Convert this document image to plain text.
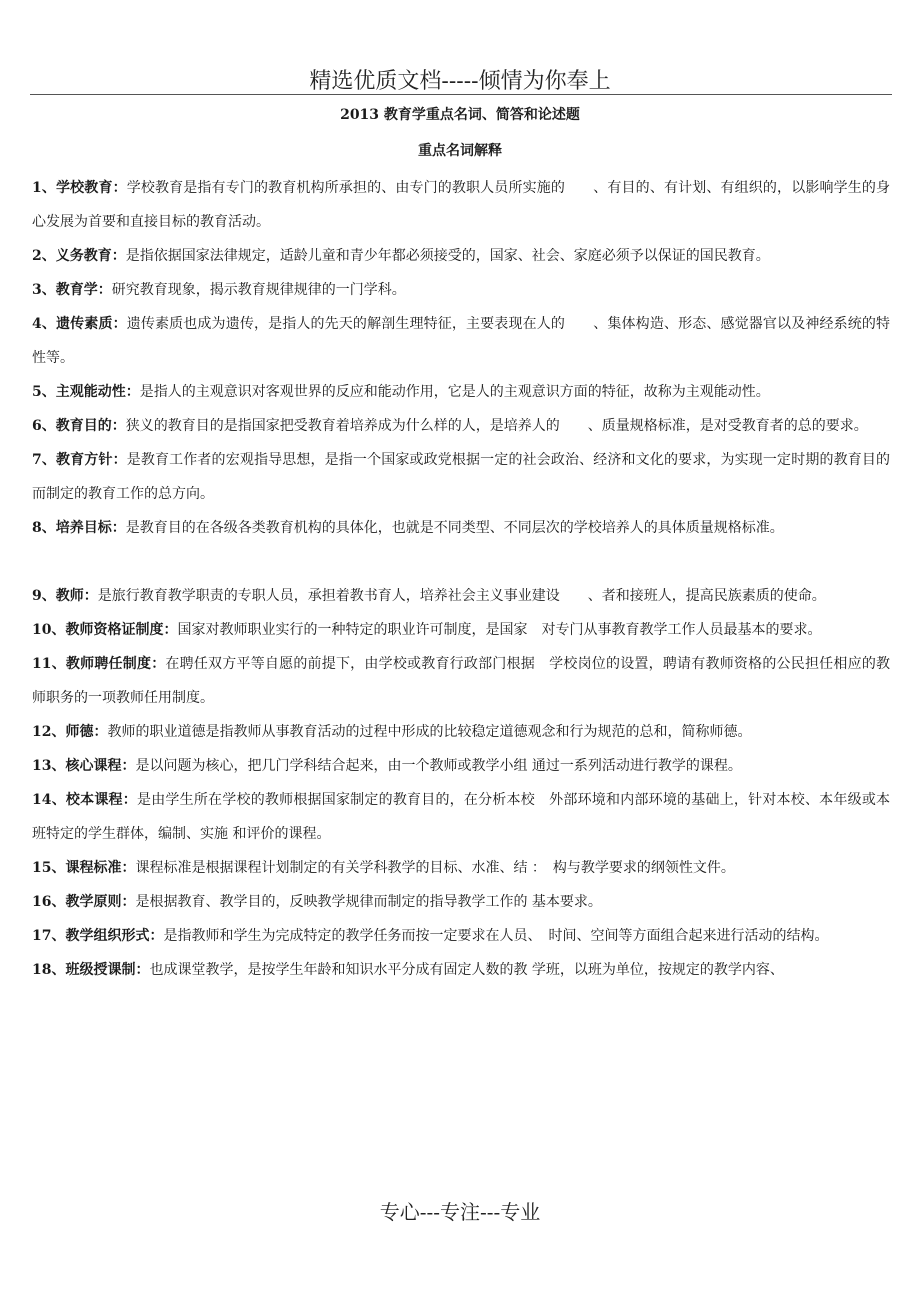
精选优质文档-----倾情为你奉上
2013 教育学重点名词、简答和论述题
重点名词解释

1、学校教育：学校教育是指有专门的教育机构所承担的、由专门的教职人员所实施的　　、有目的、有计划、有组织的，以影响学生的身心发展为首要和直接目标的教育活动。

2、义务教育：是指依据国家法律规定，适龄儿童和青少年都必须接受的，国家、社会、家庭必须予以保证的国民教育。

3、教育学：研究教育现象，揭示教育规律规律的一门学科。

4、遗传素质：遗传素质也成为遗传，是指人的先天的解剖生理特征，主要表现在人的　　、集体构造、形态、感觉器官以及神经系统的特性等。

5、主观能动性：是指人的主观意识对客观世界的反应和能动作用，它是人的主观意识方面的特征，故称为主观能动性。

6、教育目的：狭义的教育目的是指国家把受教育着培养成为什么样的人，是培养人的　　、质量规格标准，是对受教育者的总的要求。

7、教育方针：是教育工作者的宏观指导思想，是指一个国家或政党根据一定的社会政治、经济和文化的要求，为实现一定时期的教育目的而制定的教育工作的总方向。

8、培养目标：是教育目的在各级各类教育机构的具体化，也就是不同类型、不同层次的学校培养人的具体质量规格标准。

9、教师：是旅行教育教学职责的专职人员，承担着教书育人，培养社会主义事业建设　　、者和接班人，提高民族素质的使命。

10、教师资格证制度：国家对教师职业实行的一种特定的职业许可制度，是国家　对专门从事教育教学工作人员最基本的要求。

11、教师聘任制度：在聘任双方平等自愿的前提下，由学校或教育行政部门根据　学校岗位的设置，聘请有教师资格的公民担任相应的教师职务的一项教师任用制度。

12、师德：教师的职业道德是指教师从事教育活动的过程中形成的比较稳定道德观念和行为规范的总和，简称师德。

13、核心课程：是以问题为核心，把几门学科结合起来，由一个教师或教学小组 通过一系列活动进行教学的课程。

14、校本课程：是由学生所在学校的教师根据国家制定的教育目的，在分析本校　外部环境和内部环境的基础上，针对本校、本年级或本班特定的学生群体，编制、实施 和评价的课程。

15、课程标准：课程标准是根据课程计划制定的有关学科教学的目标、水准、结 ：　构与教学要求的纲领性文件。

16、教学原则：是根据教育、教学目的，反映教学规律而制定的指导教学工作的 基本要求。

17、教学组织形式：是指教师和学生为完成特定的教学任务而按一定要求在人员、　时间、空间等方面组合起来进行活动的结构。

18、班级授课制：也成课堂教学，是按学生年龄和知识水平分成有固定人数的教 学班，以班为单位，按规定的教学内容、

专心---专注---专业
